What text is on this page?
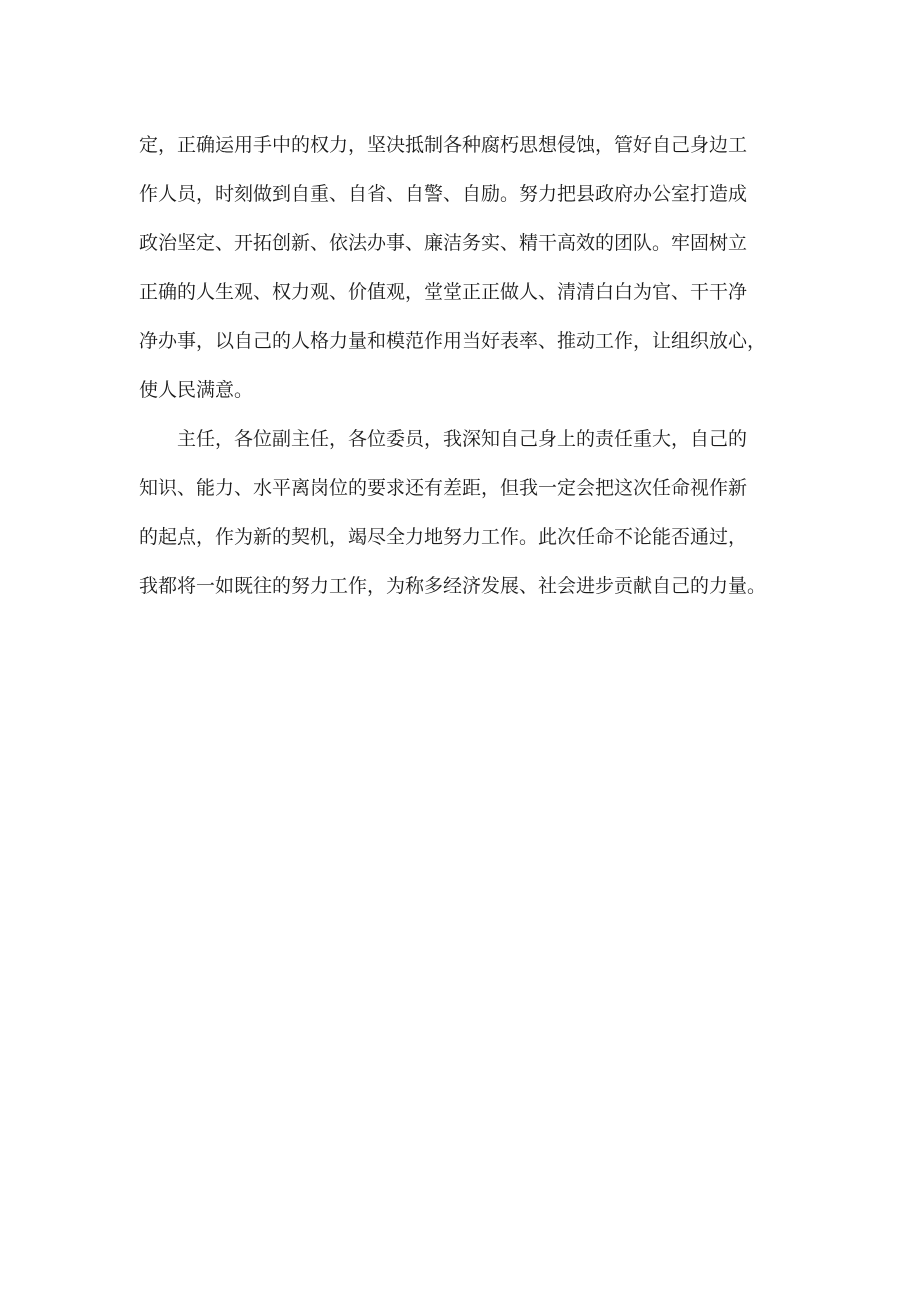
定，正确运用手中的权力，坚决抵制各种腐朽思想侵蚀，管好自己身边工
作人员，时刻做到自重、自省、自警、自励。努力把县政府办公室打造成
政治坚定、开拓创新、依法办事、廉洁务实、精干高效的团队。牢固树立
正确的人生观、权力观、价值观，堂堂正正做人、清清白白为官、干干净
净办事，以自己的人格力量和模范作用当好表率、推动工作，让组织放心，
使人民满意。
　　主任，各位副主任，各位委员，我深知自己身上的责任重大，自己的
知识、能力、水平离岗位的要求还有差距，但我一定会把这次任命视作新
的起点，作为新的契机，竭尽全力地努力工作。此次任命不论能否通过，
我都将一如既往的努力工作，为称多经济发展、社会进步贡献自己的力量。
